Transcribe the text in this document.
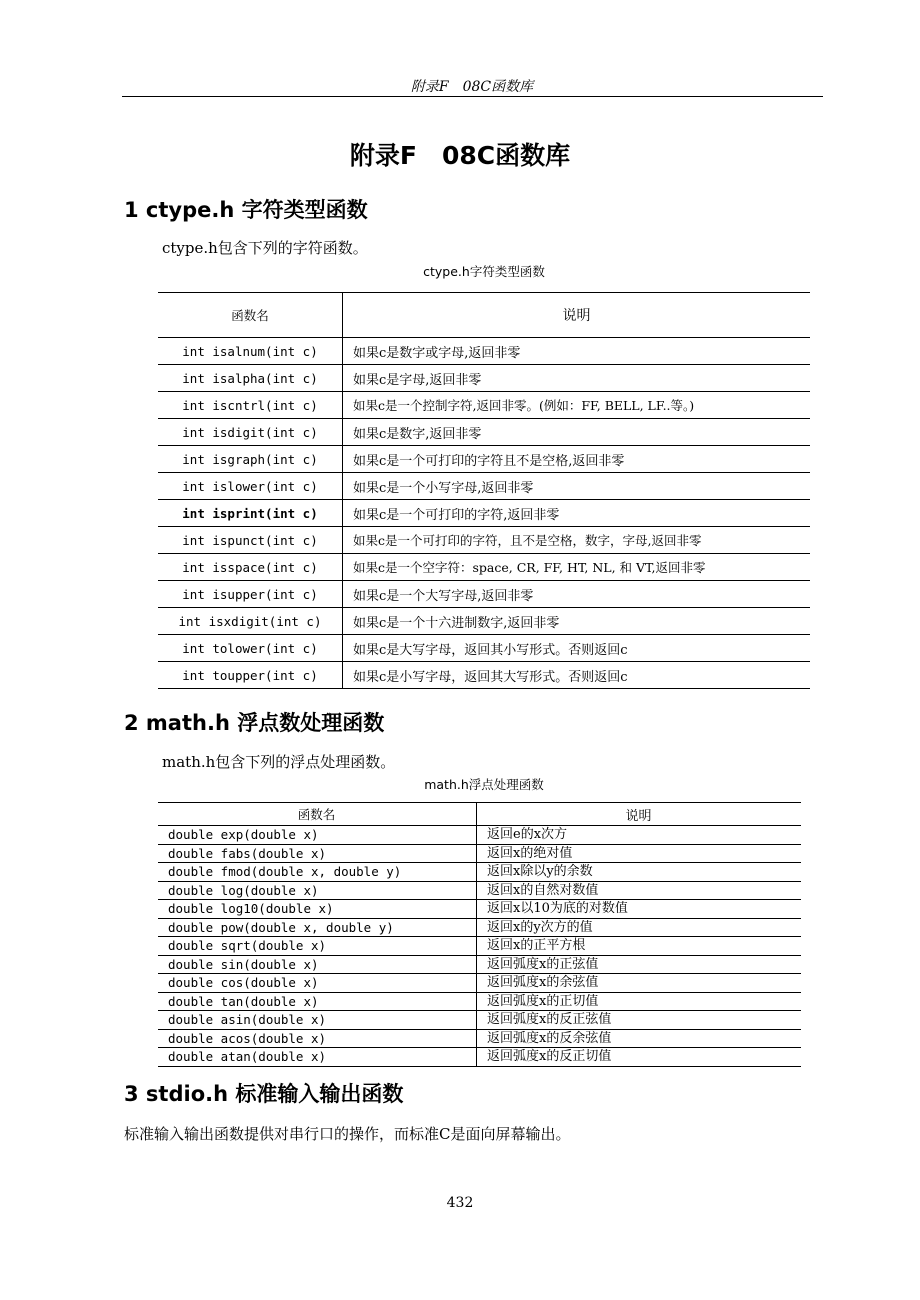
附录F　08C函数库
附录F　08C函数库
1 ctype.h 字符类型函数
ctype.h包含下列的字符函数。
ctype.h字符类型函数
函数名	说明
int isalnum(int c)	如果c是数字或字母,返回非零
int isalpha(int c)	如果c是字母,返回非零
int iscntrl(int c)	如果c是一个控制字符,返回非零。(例如：FF, BELL, LF..等。)
int isdigit(int c)	如果c是数字,返回非零
int isgraph(int c)	如果c是一个可打印的字符且不是空格,返回非零
int islower(int c)	如果c是一个小写字母,返回非零
int isprint(int c)	如果c是一个可打印的字符,返回非零
int ispunct(int c)	如果c是一个可打印的字符，且不是空格，数字，字母,返回非零
int isspace(int c)	如果c是一个空字符：space, CR, FF, HT, NL, 和 VT,返回非零
int isupper(int c)	如果c是一个大写字母,返回非零
int isxdigit(int c)	如果c是一个十六进制数字,返回非零
int tolower(int c)	如果c是大写字母，返回其小写形式。否则返回c
int toupper(int c)	如果c是小写字母，返回其大写形式。否则返回c
2 math.h 浮点数处理函数
math.h包含下列的浮点处理函数。
math.h浮点处理函数
函数名	说明
double exp(double x)	返回e的x次方
double fabs(double x)	返回x的绝对值
double fmod(double x, double y)	返回x除以y的余数
double log(double x)	返回x的自然对数值
double log10(double x)	返回x以10为底的对数值
double pow(double x, double y)	返回x的y次方的值
double sqrt(double x)	返回x的正平方根
double sin(double x)	返回弧度x的正弦值
double cos(double x)	返回弧度x的余弦值
double tan(double x)	返回弧度x的正切值
double asin(double x)	返回弧度x的反正弦值
double acos(double x)	返回弧度x的反余弦值
double atan(double x)	返回弧度x的反正切值
3 stdio.h 标准输入输出函数
标准输入输出函数提供对串行口的操作，而标准C是面向屏幕输出。
432
